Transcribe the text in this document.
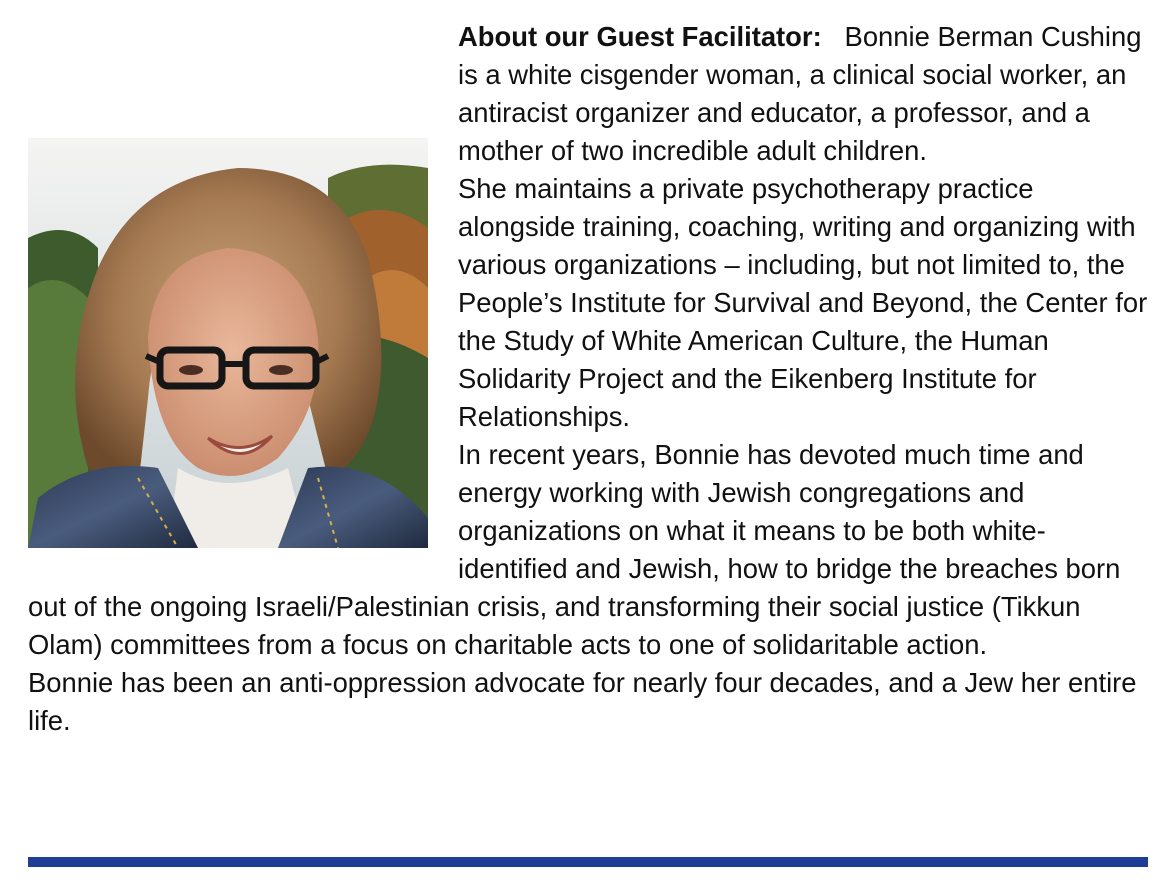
About our Guest Facilitator: Bonnie Berman Cushing is a white cisgender woman, a clinical social worker, an antiracist organizer and educator, a professor, and a mother of two incredible adult children.

She maintains a private psychotherapy practice alongside training, coaching, writing and organizing with various organizations – including, but not limited to, the People’s Institute for Survival and Beyond, the Center for the Study of White American Culture, the Human Solidarity Project and the Eikenberg Institute for Relationships.

In recent years, Bonnie has devoted much time and energy working with Jewish congregations and organizations on what it means to be both white-identified and Jewish, how to bridge the breaches born out of the ongoing Israeli/Palestinian crisis, and transforming their social justice (Tikkun Olam) committees from a focus on charitable acts to one of solidaritable action.

Bonnie has been an anti-oppression advocate for nearly four decades, and a Jew her entire life.
